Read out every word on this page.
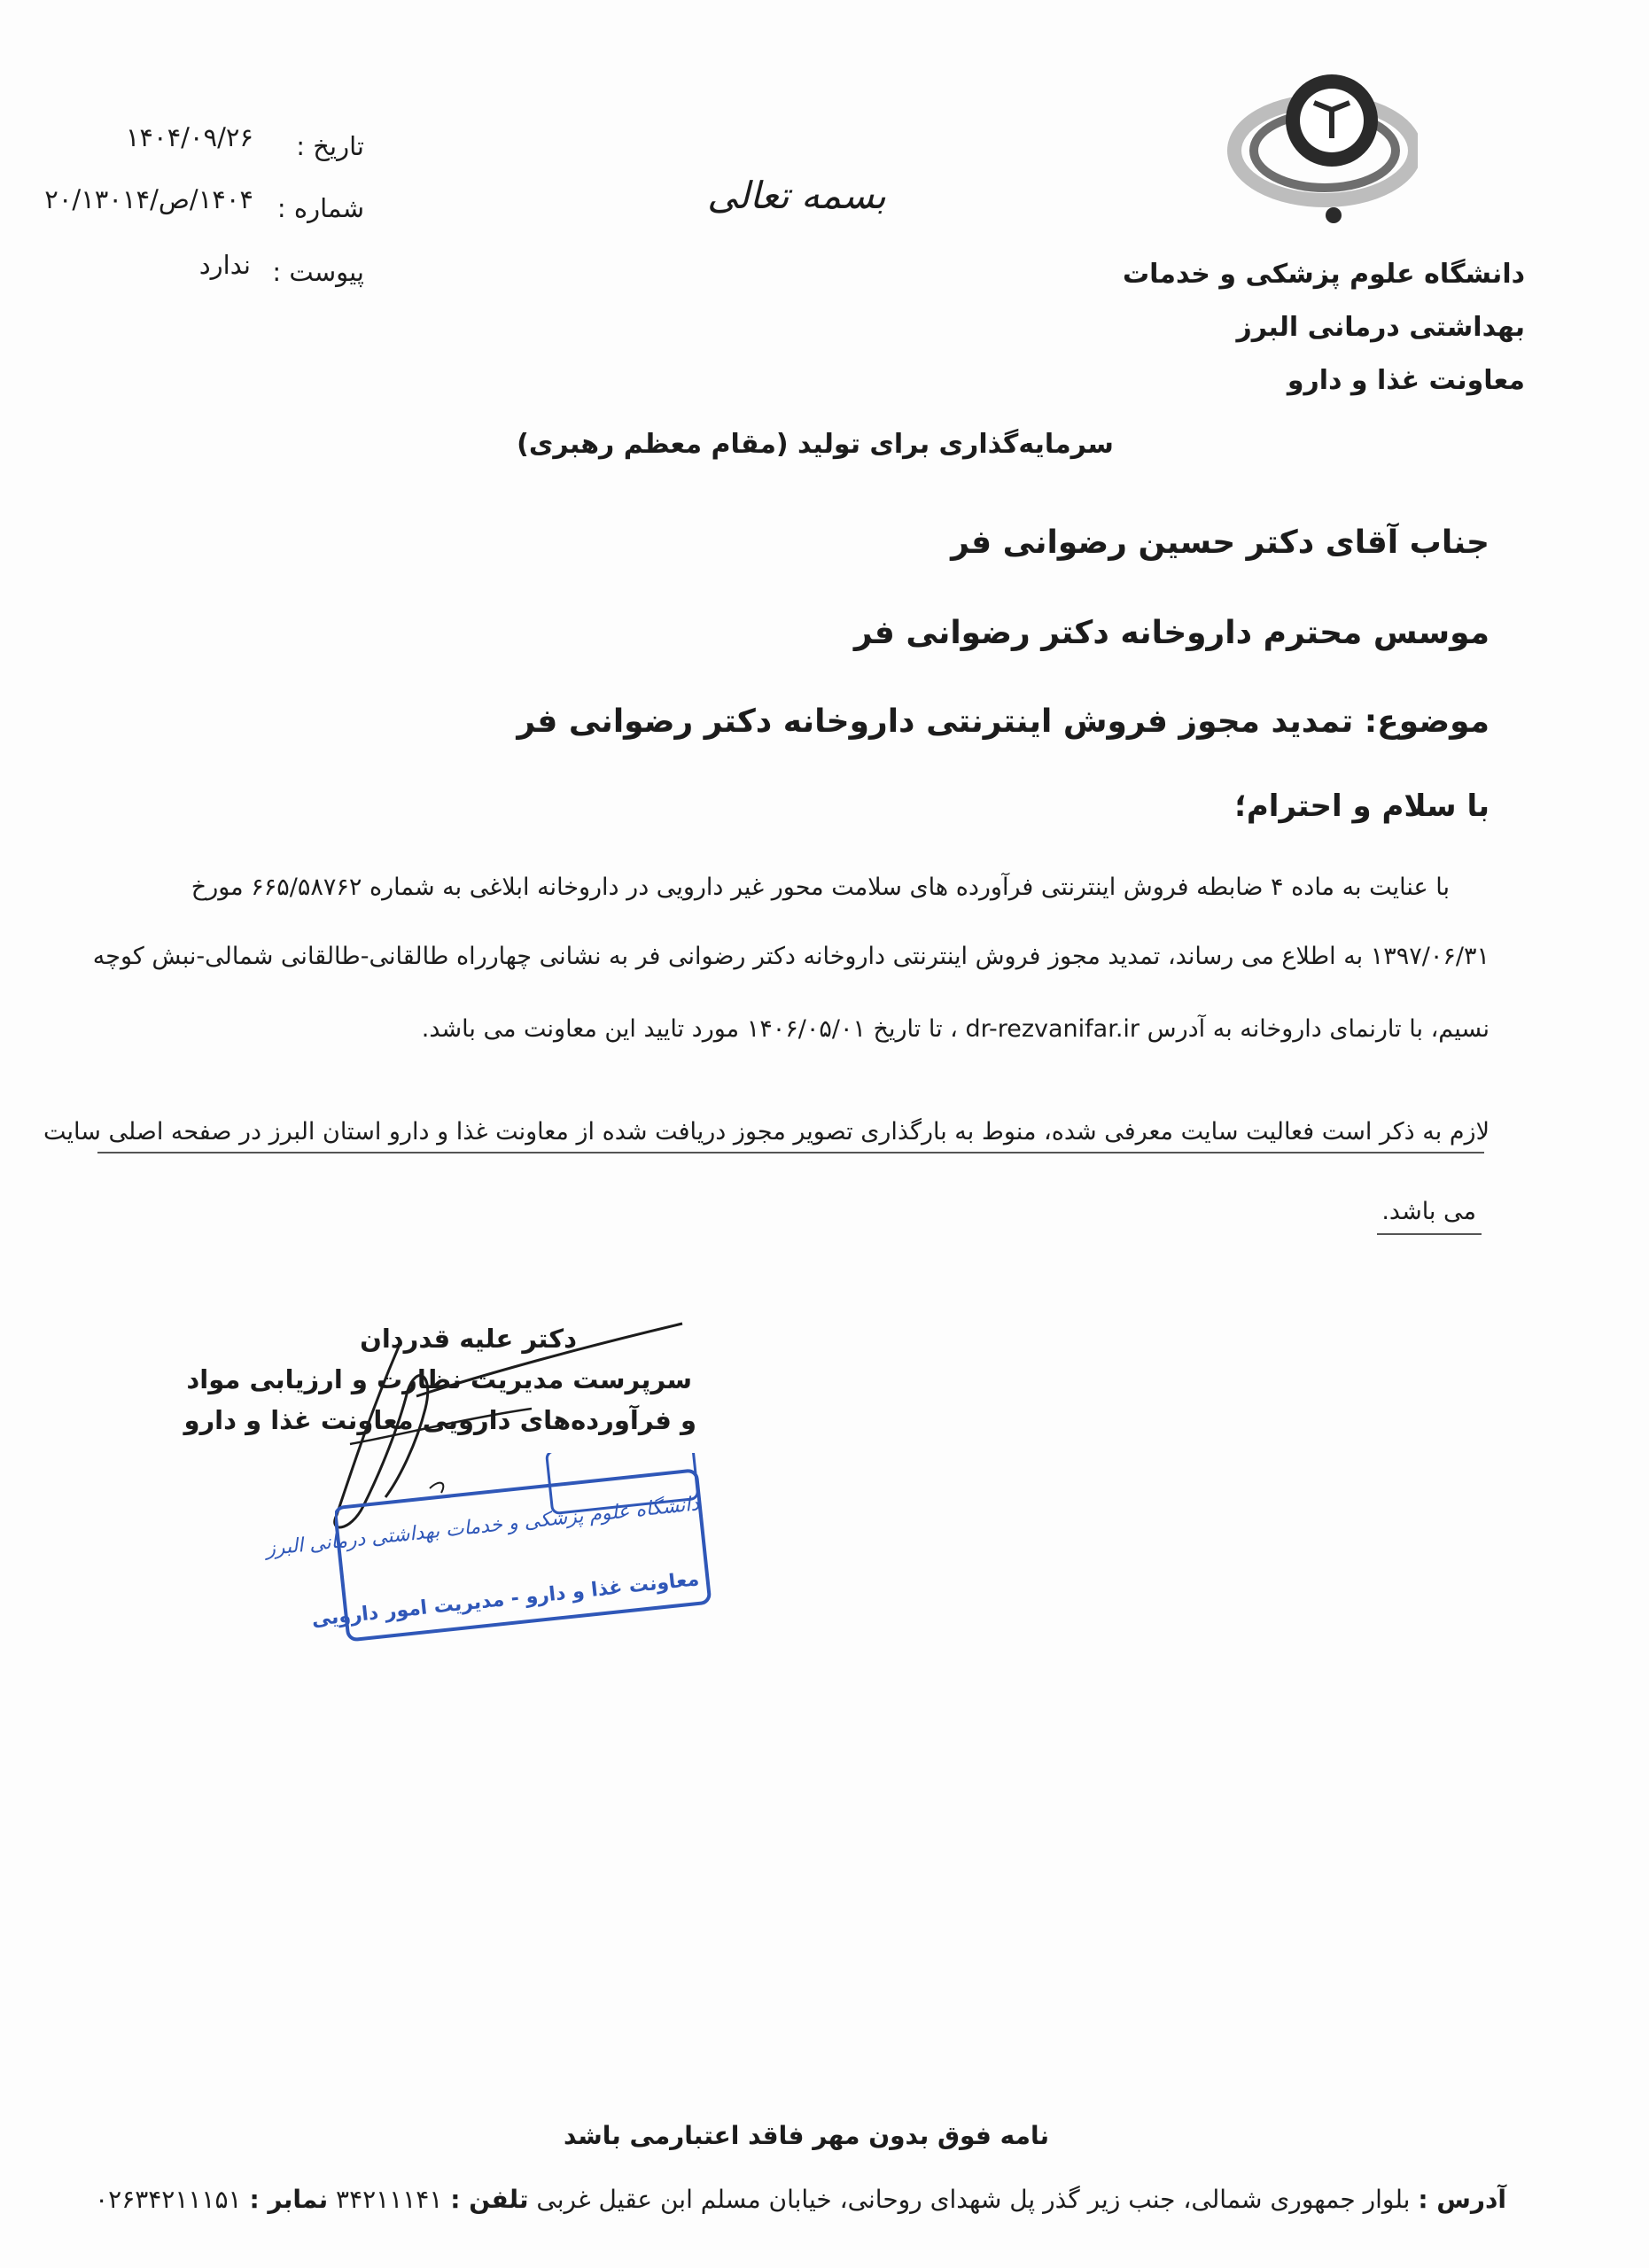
دانشگاه علوم پزشکی و خدمات
بهداشتی درمانی البرز
معاونت غذا و دارو
بسمه تعالی
تاریخ :
۱۴۰۴/۰۹/۲۶
شماره :
۱۴۰۴/ص/۲۰/۱۳۰۱۴
پیوست :
ندارد
سرمایه‌گذاری برای تولید (مقام معظم رهبری)
جناب آقای دکتر حسین رضوانی فر
موسس محترم داروخانه دکتر رضوانی فر
موضوع: تمدید مجوز فروش اینترنتی داروخانه دکتر رضوانی فر
با سلام و احترام؛
با عنایت به ماده ۴ ضابطه فروش اینترنتی فرآورده های سلامت محور غیر دارویی در داروخانه ابلاغی به شماره ۶۶۵/۵۸۷۶۲ مورخ
۱۳۹۷/۰۶/۳۱ به اطلاع می رساند، تمدید مجوز فروش اینترنتی داروخانه دکتر رضوانی فر به نشانی چهارراه طالقانی-طالقانی شمالی-نبش کوچه
نسیم، با تارنمای داروخانه به آدرس dr-rezvanifar.ir ، تا تاریخ ۱۴۰۶/۰۵/۰۱ مورد تایید این معاونت می باشد.
لازم به ذکر است فعالیت سایت معرفی شده، منوط به بارگذاری تصویر مجوز دریافت شده از معاونت غذا و دارو استان البرز در صفحه اصلی سایت
می باشد.
دکتر علیه قدردان
سرپرست مدیریت نظارت و ارزیابی مواد
و فرآورده‌های دارویی معاونت غذا و دارو
دانشگاه علوم پزشکی و خدمات بهداشتی درمانی البرز
معاونت غذا و دارو - مدیریت امور دارویی
نامه فوق بدون مهر فاقد اعتبارمی باشد
آدرس : بلوار جمهوری شمالی، جنب زیر گذر پل شهدای روحانی، خیابان مسلم ابن عقیل غربی تلفن : ۳۴۲۱۱۱۴۱ نمابر : ۰۲۶۳۴۲۱۱۱۵۱
